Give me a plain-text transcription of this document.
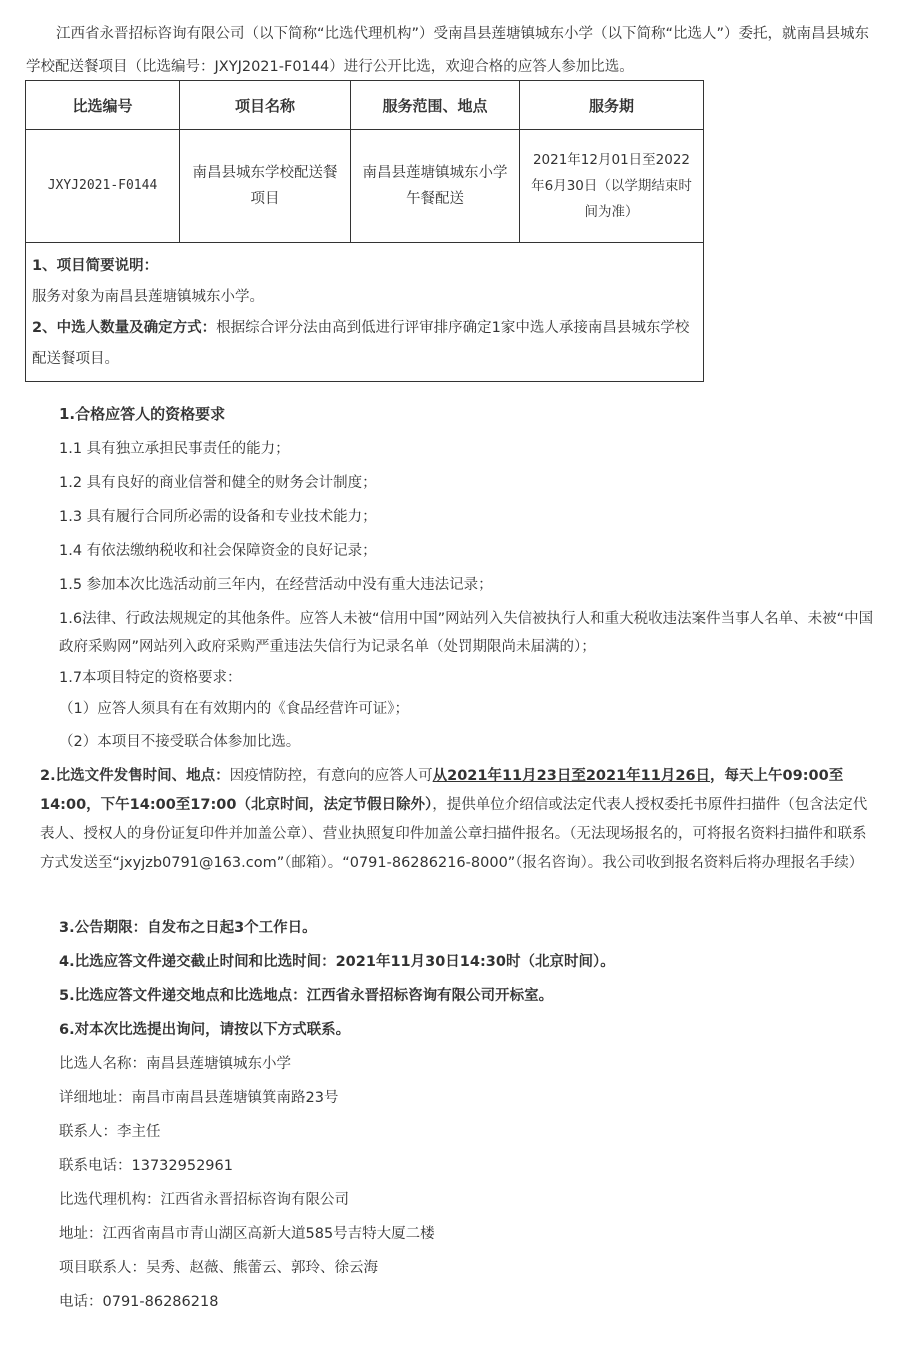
江西省永晋招标咨询有限公司（以下简称“比选代理机构”）受南昌县莲塘镇城东小学（以下简称“比选人”）委托，就南昌县城东学校配送餐项目（比选编号：JXYJ2021-F0144）进行公开比选，欢迎合格的应答人参加比选。
比选编号	项目名称	服务范围、地点	服务期
JXYJ2021-F0144	南昌县城东学校配送餐项目	南昌县莲塘镇城东小学午餐配送	2021年12月01日至2022年6月30日（以学期结束时间为准）

1、项目简要说明：
服务对象为南昌县莲塘镇城东小学。
2、中选人数量及确定方式：根据综合评分法由高到低进行评审排序确定1家中选人承接南昌县城东学校配送餐项目。			
1.合格应答人的资格要求
1.1 具有独立承担民事责任的能力；
1.2 具有良好的商业信誉和健全的财务会计制度；
1.3 具有履行合同所必需的设备和专业技术能力；
1.4 有依法缴纳税收和社会保障资金的良好记录；
1.5 参加本次比选活动前三年内，在经营活动中没有重大违法记录；
1.6法律、行政法规规定的其他条件。应答人未被“信用中国”网站列入失信被执行人和重大税收违法案件当事人名单、未被“中国政府采购网”网站列入政府采购严重违法失信行为记录名单（处罚期限尚未届满的）；
1.7本项目特定的资格要求：
（1）应答人须具有在有效期内的《食品经营许可证》；
（2）本项目不接受联合体参加比选。
2.比选文件发售时间、地点：因疫情防控，有意向的应答人可从2021年11月23日至2021年11月26日，每天上午09:00至14:00，下午14:00至17:00（北京时间，法定节假日除外），提供单位介绍信或法定代表人授权委托书原件扫描件（包含法定代表人、授权人的身份证复印件并加盖公章）、营业执照复印件加盖公章扫描件报名。（无法现场报名的，可将报名资料扫描件和联系方式发送至“jxyjzb0791@163.com”（邮箱）。“0791-86286216-8000”（报名咨询）。我公司收到报名资料后将办理报名手续）
3.公告期限：自发布之日起3个工作日。
4.比选应答文件递交截止时间和比选时间：2021年11月30日14:30时（北京时间）。
5.比选应答文件递交地点和比选地点：江西省永晋招标咨询有限公司开标室。
6.对本次比选提出询问，请按以下方式联系。
比选人名称：南昌县莲塘镇城东小学
详细地址：南昌市南昌县莲塘镇箕南路23号
联系人：李主任
联系电话：13732952961
比选代理机构：江西省永晋招标咨询有限公司
地址：江西省南昌市青山湖区高新大道585号吉特大厦二楼
项目联系人：吴秀、赵薇、熊蕾云、郭玲、徐云海
电话：0791-86286218
